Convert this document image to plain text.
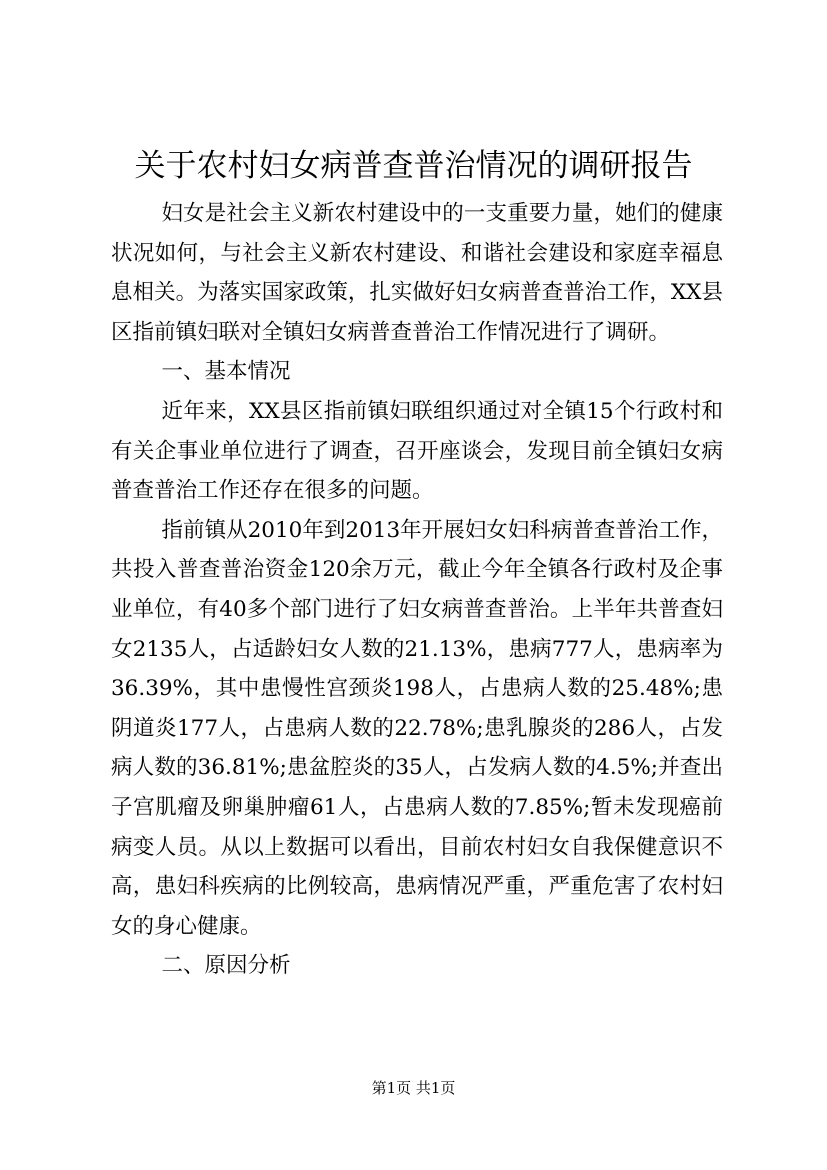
关于农村妇女病普查普治情况的调研报告

妇女是社会主义新农村建设中的一支重要力量，她们的健康状况如何，与社会主义新农村建设、和谐社会建设和家庭幸福息息相关。为落实国家政策，扎实做好妇女病普查普治工作，XX县区指前镇妇联对全镇妇女病普查普治工作情况进行了调研。

一、基本情况

近年来，XX县区指前镇妇联组织通过对全镇15个行政村和有关企事业单位进行了调查，召开座谈会，发现目前全镇妇女病普查普治工作还存在很多的问题。

指前镇从2010年到2013年开展妇女妇科病普查普治工作，共投入普查普治资金120余万元，截止今年全镇各行政村及企事业单位，有40多个部门进行了妇女病普查普治。上半年共普查妇女2135人，占适龄妇女人数的21.13%，患病777人，患病率为36.39%，其中患慢性宫颈炎198人，占患病人数的25.48%;患阴道炎177人，占患病人数的22.78%;患乳腺炎的286人，占发病人数的36.81%;患盆腔炎的35人，占发病人数的4.5%;并查出子宫肌瘤及卵巢肿瘤61人，占患病人数的7.85%;暂未发现癌前病变人员。从以上数据可以看出，目前农村妇女自我保健意识不高，患妇科疾病的比例较高，患病情况严重，严重危害了农村妇女的身心健康。

二、原因分析

第1页 共1页
